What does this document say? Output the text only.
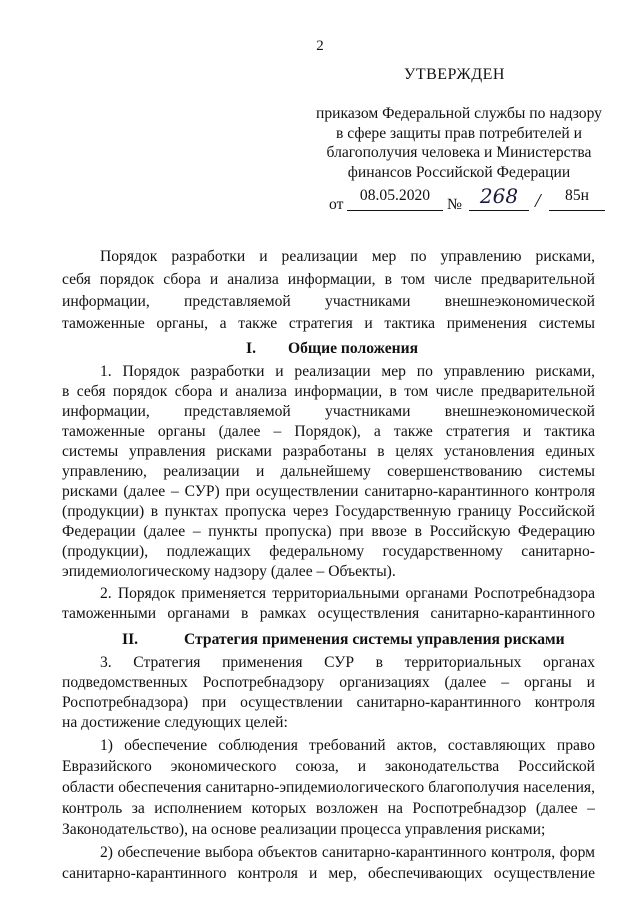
2
УТВЕРЖДЕН
приказом Федеральной службы по надзору
в сфере защиты прав потребителей и
благополучия человека и Министерства
финансов Российской Федерации
от
08.05.2020
№ 268 /	85н
Порядок разработки и реализации мер по управлению рисками,
себя порядок сбора и анализа информации, в том числе предварительной
информации, представляемой участниками внешнеэкономической
таможенные органы, а также стратегия и тактика применения системы
I. Общие положения
1. Порядок разработки и реализации мер по управлению рисками,
в себя порядок сбора и анализа информации, в том числе предварительной
информации, представляемой участниками внешнеэкономической
таможенные органы (далее – Порядок), а также стратегия и тактика
системы управления рисками разработаны в целях установления единых
управлению, реализации и дальнейшему совершенствованию системы
рисками (далее – СУР) при осуществлении санитарно-карантинного контроля
(продукции) в пунктах пропуска через Государственную границу Российской
Федерации (далее – пункты пропуска) при ввозе в Российскую Федерацию
(продукции), подлежащих федеральному государственному санитарно-
эпидемиологическому надзору (далее – Объекты).
2. Порядок применяется территориальными органами Роспотребнадзора
таможенными органами в рамках осуществления санитарно-карантинного
II.	Стратегия применения системы управления рисками
3. Стратегия применения СУР в территориальных органах
подведомственных Роспотребнадзору организациях (далее – органы и
Роспотребнадзора) при осуществлении санитарно-карантинного контроля
на достижение следующих целей:
1) обеспечение соблюдения требований актов, составляющих право
Евразийского экономического союза, и законодательства Российской
области обеспечения санитарно-эпидемиологического благополучия населения,
контроль за исполнением которых возложен на Роспотребнадзор (далее –
Законодательство), на основе реализации процесса управления рисками;
2) обеспечение выбора объектов санитарно-карантинного контроля, форм
санитарно-карантинного контроля и мер, обеспечивающих осуществление
